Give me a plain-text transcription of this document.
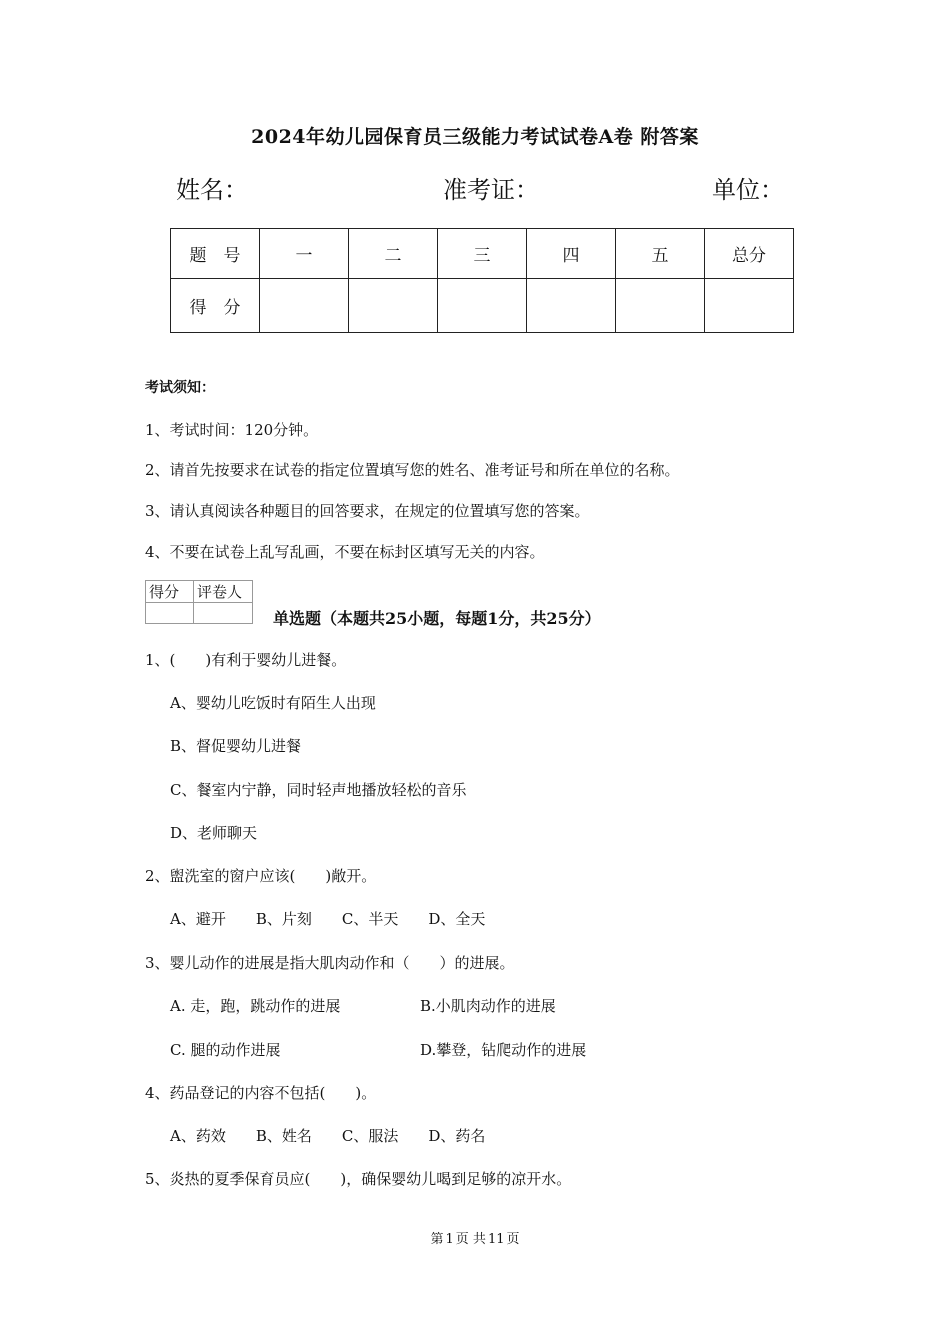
2024年幼儿园保育员三级能力考试试卷A卷 附答案
姓名：	准考证：	单位：
题　号	一	二	三	四	五	总分
得　分						
考试须知：
1、考试时间：120分钟。
2、请首先按要求在试卷的指定位置填写您的姓名、准考证号和所在单位的名称。
3、请认真阅读各种题目的回答要求，在规定的位置填写您的答案。
4、不要在试卷上乱写乱画，不要在标封区填写无关的内容。
得分	评卷人

单选题（本题共25小题，每题1分，共25分）
1、(　　)有利于婴幼儿进餐。
A、婴幼儿吃饭时有陌生人出现
B、督促婴幼儿进餐
C、餐室内宁静，同时轻声地播放轻松的音乐
D、老师聊天
2、盥洗室的窗户应该(　　)敞开。
A、避开　　B、片刻　　C、半天　　D、全天
3、婴儿动作的进展是指大肌肉动作和（　　）的进展。
A. 走，跑，跳动作的进展	B.小肌肉动作的进展
C. 腿的动作进展	D.攀登，钻爬动作的进展
4、药品登记的内容不包括(　　)。
A、药效　　B、姓名　　C、服法　　D、药名
5、炎热的夏季保育员应(　　)，确保婴幼儿喝到足够的凉开水。
第 1 页 共 11 页
